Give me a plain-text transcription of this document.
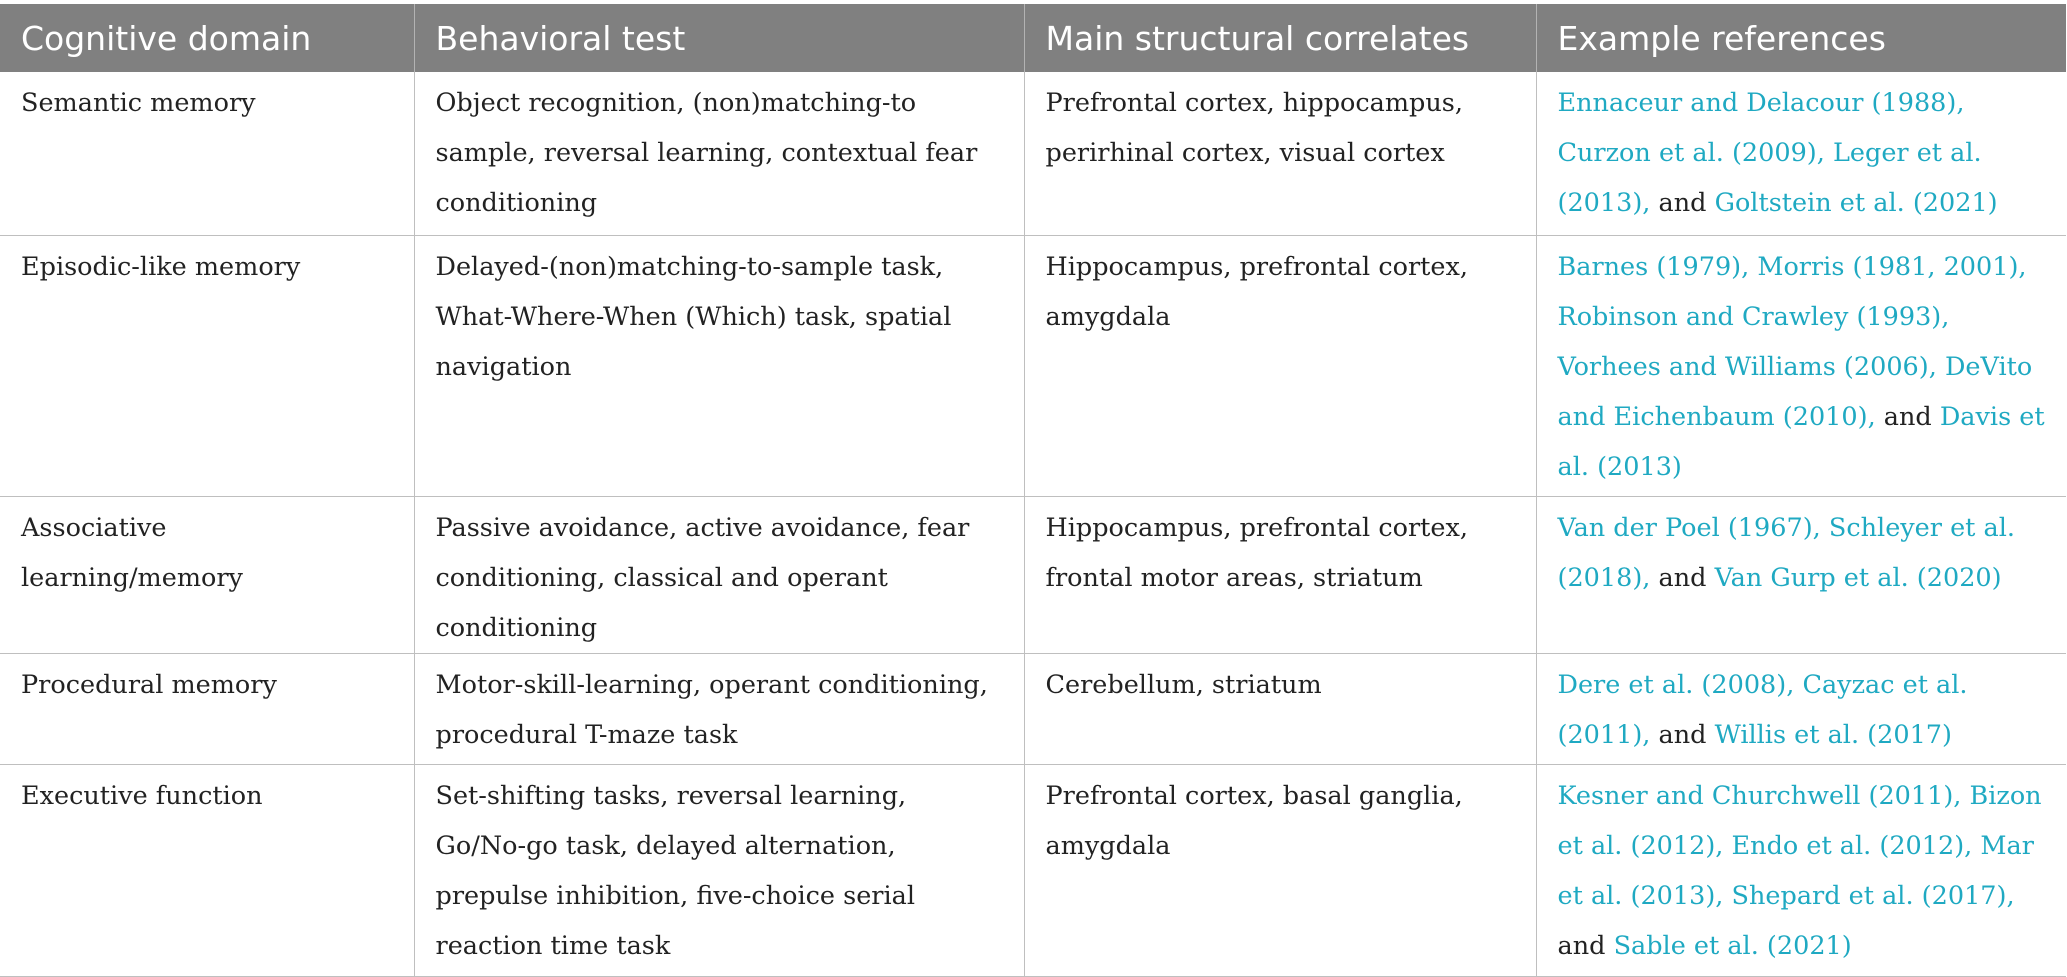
Cognitive domain	Behavioral test	Main structural correlates	Example references
Semantic memory	Object recognition, (non)matching-to sample, reversal learning, contextual fear conditioning	Prefrontal cortex, hippocampus, perirhinal cortex, visual cortex	Ennaceur and Delacour (1988), Curzon et al. (2009), Leger et al. (2013), and Goltstein et al. (2021)
Episodic-like memory	Delayed-(non)matching-to-sample task, What-Where-When (Which) task, spatial navigation	Hippocampus, prefrontal cortex, amygdala	Barnes (1979), Morris (1981, 2001), Robinson and Crawley (1993), Vorhees and Williams (2006), DeVito and Eichenbaum (2010), and Davis et al. (2013)
Associative learning/memory	Passive avoidance, active avoidance, fear conditioning, classical and operant conditioning	Hippocampus, prefrontal cortex, frontal motor areas, striatum	Van der Poel (1967), Schleyer et al. (2018), and Van Gurp et al. (2020)
Procedural memory	Motor-skill-learning, operant conditioning, procedural T-maze task	Cerebellum, striatum	Dere et al. (2008), Cayzac et al. (2011), and Willis et al. (2017)
Executive function	Set-shifting tasks, reversal learning, Go/No-go task, delayed alternation, prepulse inhibition, five-choice serial reaction time task	Prefrontal cortex, basal ganglia, amygdala	Kesner and Churchwell (2011), Bizon et al. (2012), Endo et al. (2012), Mar et al. (2013), Shepard et al. (2017), and Sable et al. (2021)
